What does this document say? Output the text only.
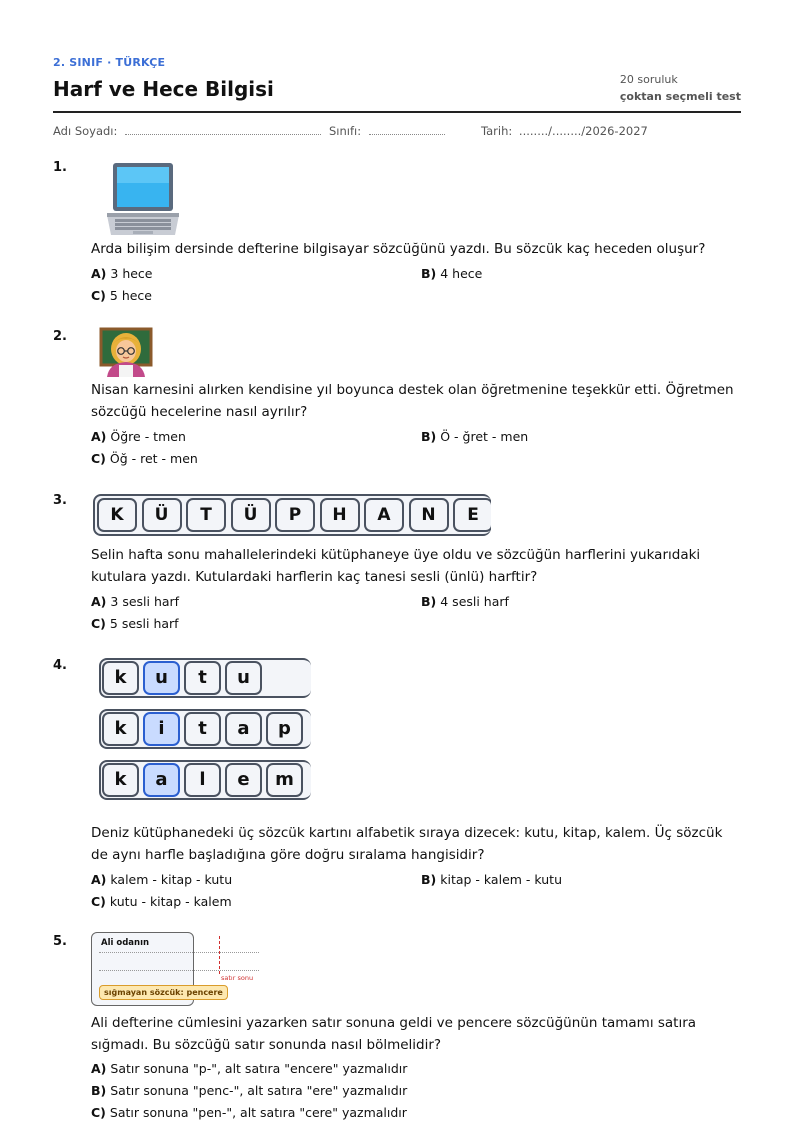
2. SINIF · TÜRKÇE
Harf ve Hece Bilgisi	20 soruluk
çoktan seçmeli test
Adı Soyadı:	Sınıfı:	Tarih: ......../......../2026-2027
1.
Arda bilişim dersinde defterine bilgisayar sözcüğünü yazdı. Bu sözcük kaç heceden oluşur?
A) 3 hece	B) 4 hece
C) 5 hece
2.
Nisan karnesini alırken kendisine yıl boyunca destek olan öğretmenine teşekkür etti. Öğretmen sözcüğü hecelerine nasıl ayrılır?
A) Öğre - tmen	B) Ö - ğret - men
C) Öğ - ret - men
3.
K	Ü	T	Ü	P	H	A	N	E
Selin hafta sonu mahallelerindeki kütüphaneye üye oldu ve sözcüğün harflerini yukarıdaki kutulara yazdı. Kutulardaki harflerin kaç tanesi sesli (ünlü) harftir?
A) 3 sesli harf	B) 4 sesli harf
C) 5 sesli harf
4.
k	u	t	u
k	i	t	a	p
k	a	l	e	m
Deniz kütüphanedeki üç sözcük kartını alfabetik sıraya dizecek: kutu, kitap, kalem. Üç sözcük de aynı harfle başladığına göre doğru sıralama hangisidir?
A) kalem - kitap - kutu	B) kitap - kalem - kutu
C) kutu - kitap - kalem
5.	Ali odanın
satır sonu
sığmayan sözcük: pencere
Ali defterine cümlesini yazarken satır sonuna geldi ve pencere sözcüğünün tamamı satıra sığmadı. Bu sözcüğü satır sonunda nasıl bölmelidir?
A) Satır sonuna "p-", alt satıra "encere" yazmalıdır
B) Satır sonuna "penc-", alt satıra "ere" yazmalıdır
C) Satır sonuna "pen-", alt satıra "cere" yazmalıdır
